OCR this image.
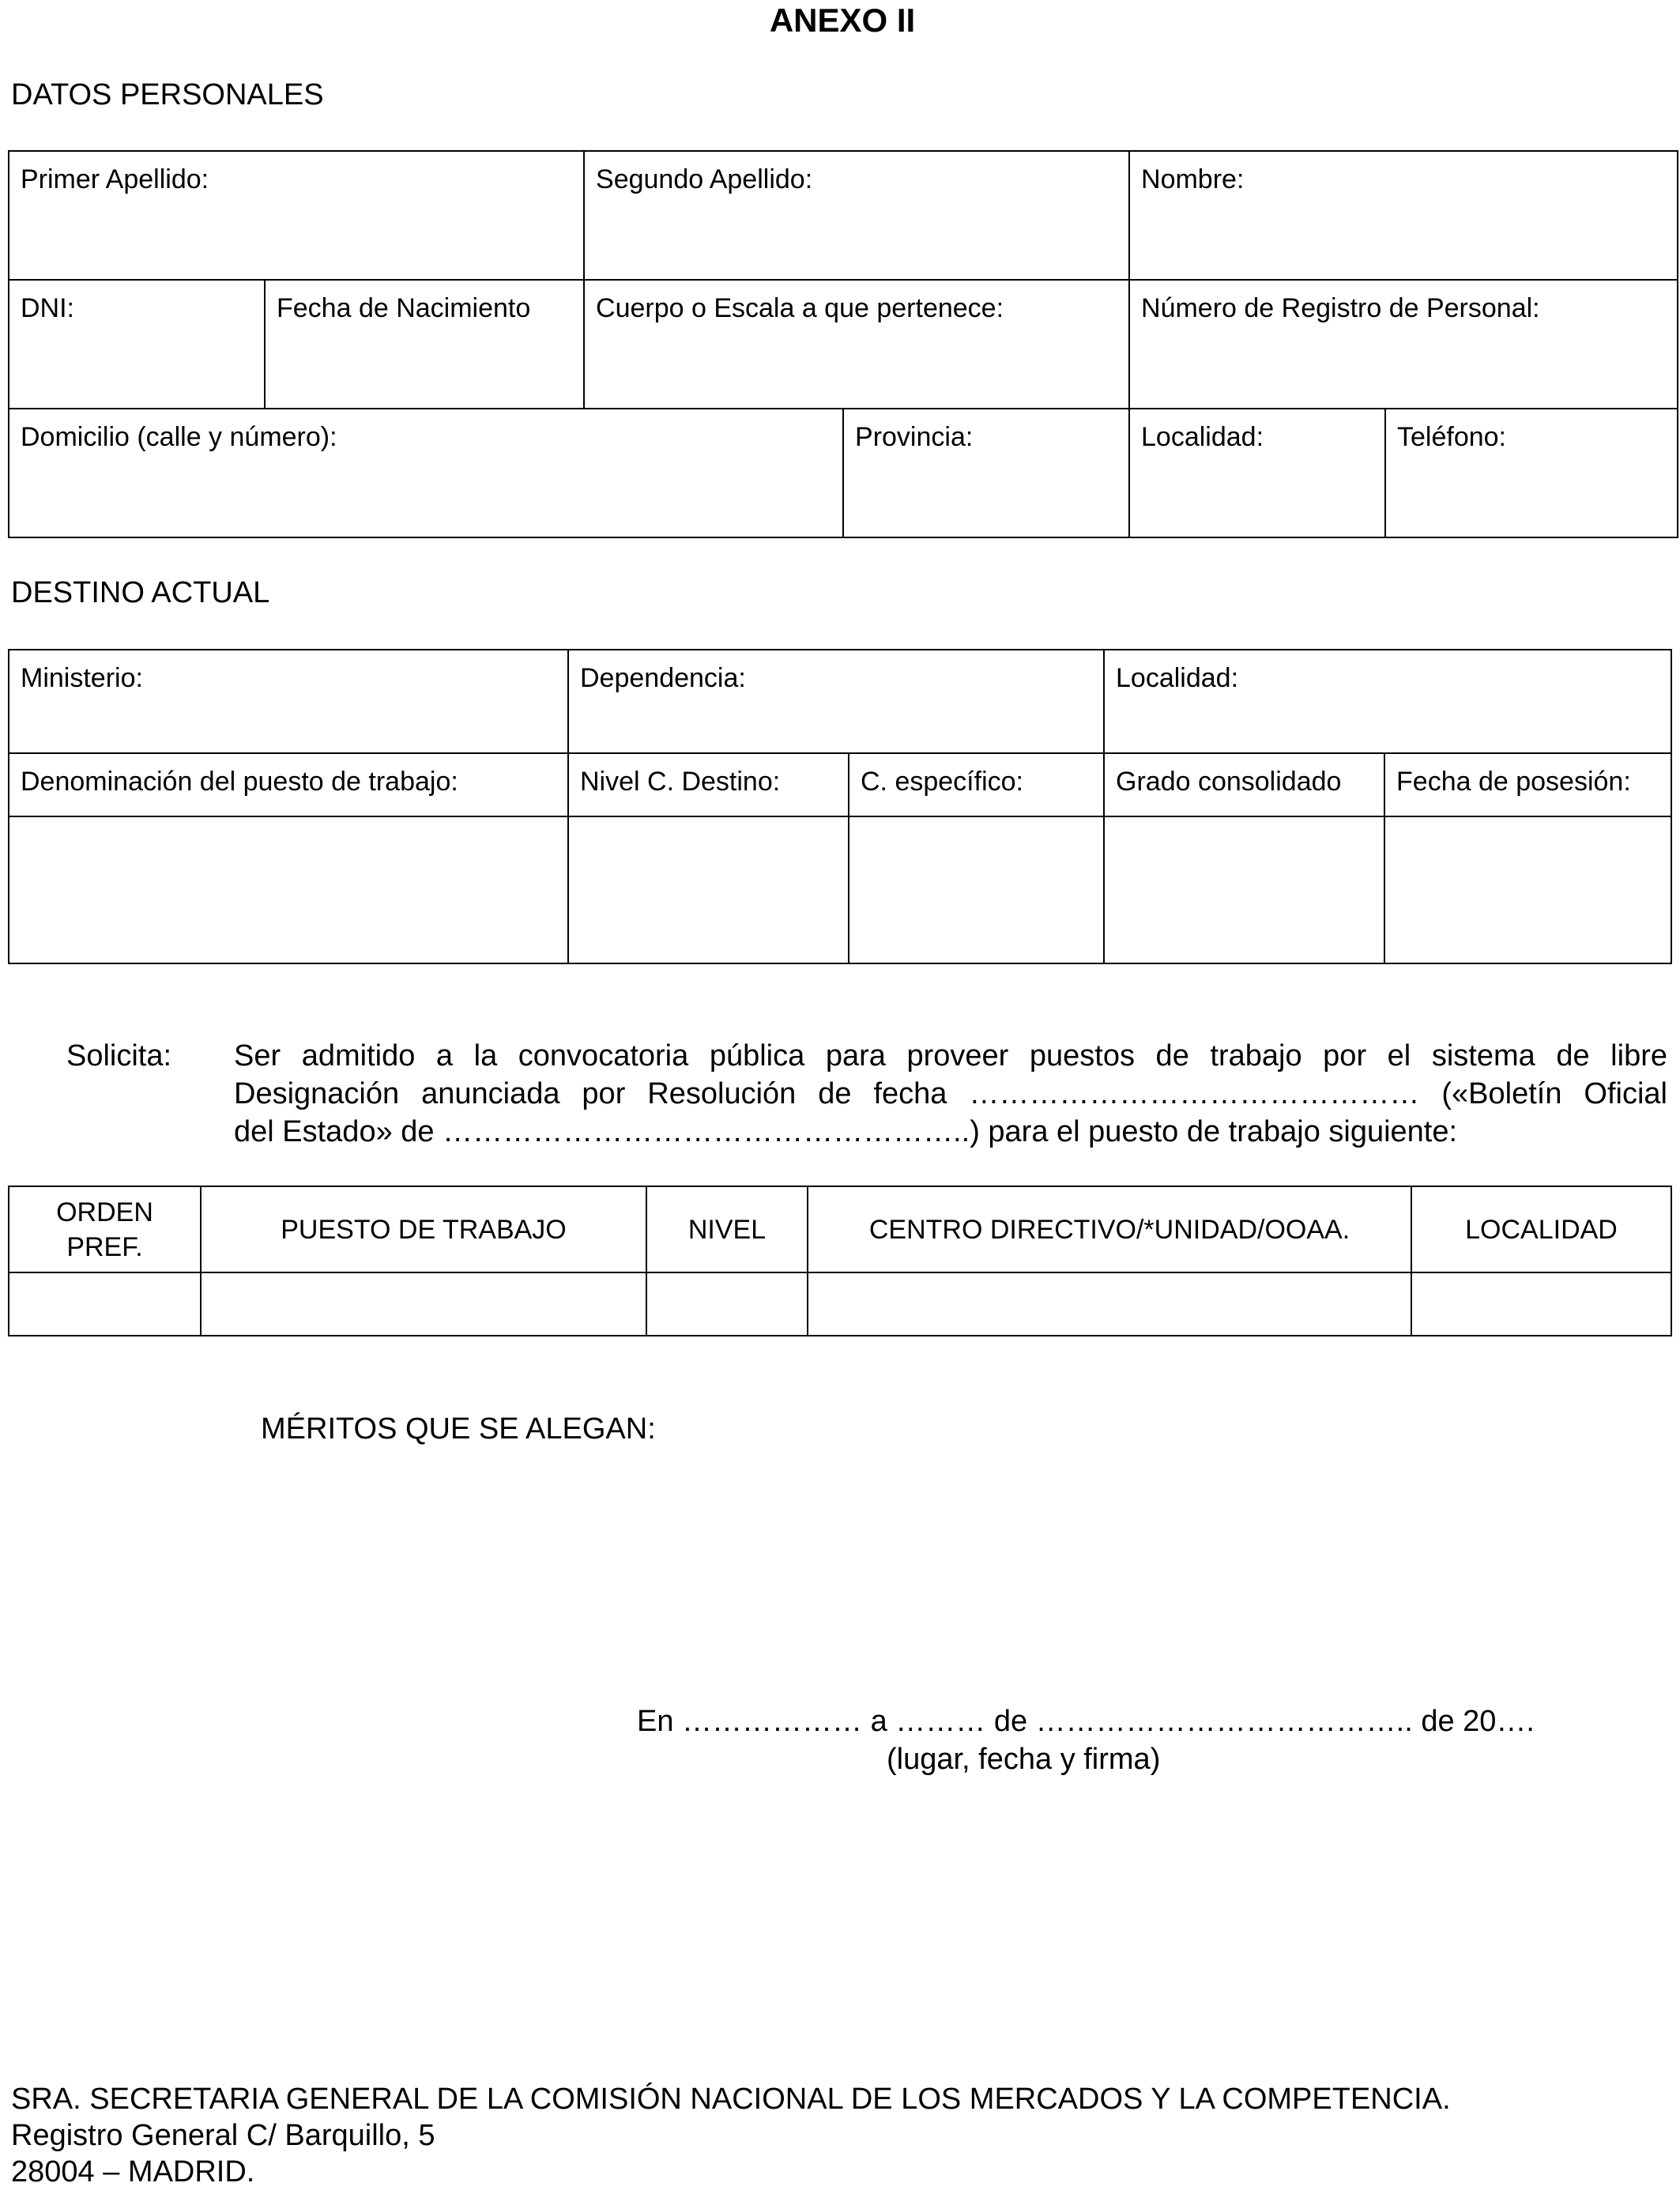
ANEXO II
DATOS PERSONALES
Primer Apellido:		Segundo Apellido:		Nombre:	

DNI:	Fecha de Nacimiento	Cuerpo o Escala a que pertenece:		Número de Registro de Personal:	

Domicilio (calle y número):			Provincia:	Localidad:	Teléfono:
DESTINO ACTUAL
Ministerio:	Dependencia:		Localidad:	

Denominación del puesto de trabajo:	Nivel C. Destino:	C. específico:	Grado consolidado	Fecha de posesión:

Solicita: Ser admitido a la convocatoria pública para proveer puestos de trabajo por el sistema de libre
Designación anunciada por Resolución de fecha ……………………………………… («Boletín Oficial
del Estado» de ……………………………………………..) para el puesto de trabajo siguiente:
ORDEN
PREF.	PUESTO DE TRABAJO	NIVEL	CENTRO DIRECTIVO/*UNIDAD/OOAA.	LOCALIDAD

MÉRITOS QUE SE ALEGAN:
En ……………… a ……… de ……………………………….. de 20….
(lugar, fecha y firma)
SRA. SECRETARIA GENERAL DE LA COMISIÓN NACIONAL DE LOS MERCADOS Y LA COMPETENCIA.
Registro General C/ Barquillo, 5
28004 – MADRID.
